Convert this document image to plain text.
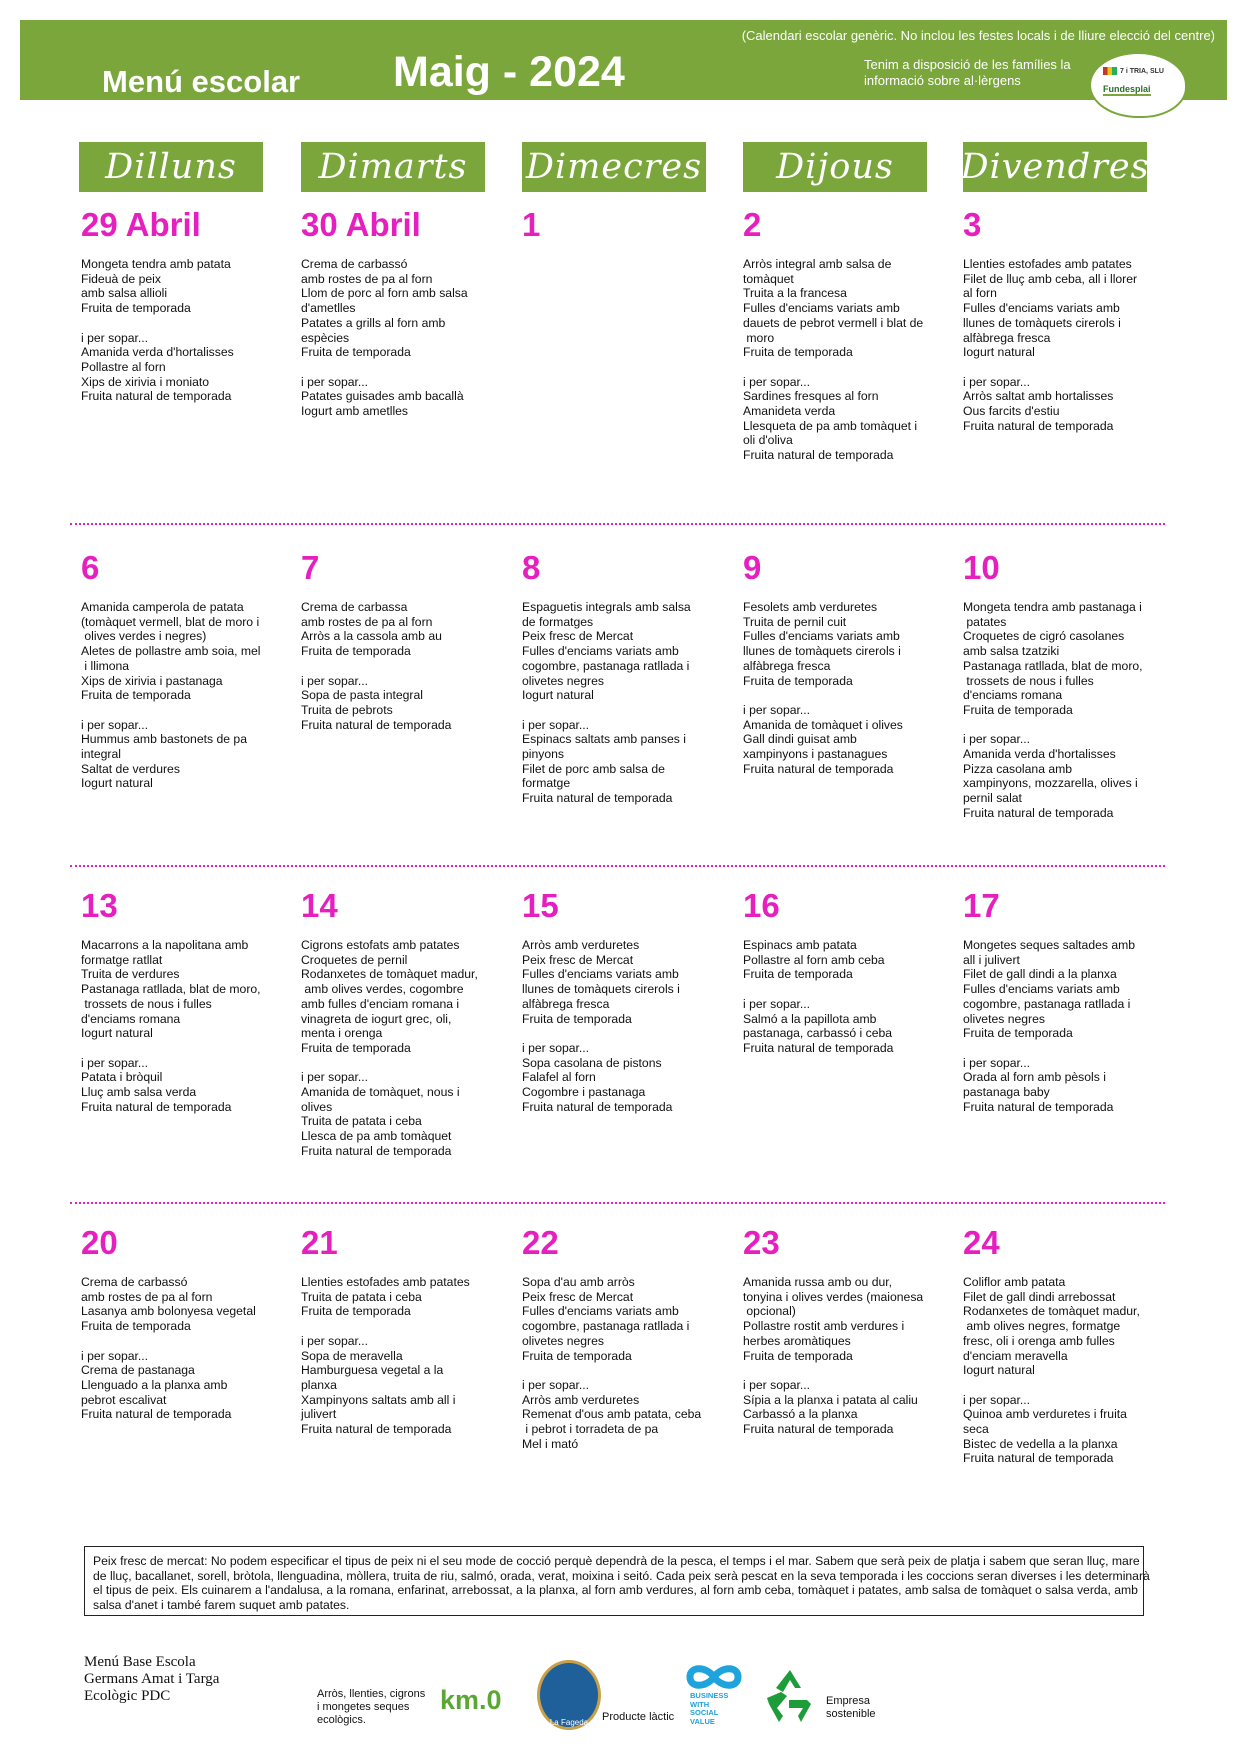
(Calendari escolar genèric. No inclou les festes locals i de lliure elecció del centre)
Menú escolar Maig - 2024	Tenim a disposició de les famílies la
informació sobre al·lèrgens
7 i TRIA, SLU
Fundesplai
Dilluns	Dimarts	Dimecres	Dijous	Divendres
29 Abril
Mongeta tendra amb patata
Fideuà de peix
amb salsa allioli
Fruita de temporada
i per sopar...
Amanida verda d'hortalisses
Pollastre al forn
Xips de xirivia i moniato
Fruita natural de temporada
30 Abril
Crema de carbassó
amb rostes de pa al forn
Llom de porc al forn amb salsa
d'ametlles
Patates a grills al forn amb
espècies
Fruita de temporada
i per sopar...
Patates guisades amb bacallà
Iogurt amb ametlles
1	2
Arròs integral amb salsa de
tomàquet
Truita a la francesa
Fulles d'enciams variats amb
dauets de pebrot vermell i blat de
moro
Fruita de temporada
i per sopar...
Sardines fresques al forn
Amanideta verda
Llesqueta de pa amb tomàquet i
oli d'oliva
Fruita natural de temporada
3
Llenties estofades amb patates
Filet de lluç amb ceba, all i llorer
al forn
Fulles d'enciams variats amb
llunes de tomàquets cirerols i
alfàbrega fresca
Iogurt natural
i per sopar...
Arròs saltat amb hortalisses
Ous farcits d'estiu
Fruita natural de temporada
6
Amanida camperola de patata
(tomàquet vermell, blat de moro i
olives verdes i negres)
Aletes de pollastre amb soia, mel
i llimona
Xips de xirivia i pastanaga
Fruita de temporada
i per sopar...
Hummus amb bastonets de pa
integral
Saltat de verdures
Iogurt natural
7
Crema de carbassa
amb rostes de pa al forn
Arròs a la cassola amb au
Fruita de temporada
i per sopar...
Sopa de pasta integral
Truita de pebrots
Fruita natural de temporada
8
Espaguetis integrals amb salsa
de formatges
Peix fresc de Mercat
Fulles d'enciams variats amb
cogombre, pastanaga ratllada i
olivetes negres
Iogurt natural
i per sopar...
Espinacs saltats amb panses i
pinyons
Filet de porc amb salsa de
formatge
Fruita natural de temporada
9
Fesolets amb verduretes
Truita de pernil cuit
Fulles d'enciams variats amb
llunes de tomàquets cirerols i
alfàbrega fresca
Fruita de temporada
i per sopar...
Amanida de tomàquet i olives
Gall dindi guisat amb
xampinyons i pastanagues
Fruita natural de temporada
10
Mongeta tendra amb pastanaga i
patates
Croquetes de cigró casolanes
amb salsa tzatziki
Pastanaga ratllada, blat de moro,
trossets de nous i fulles
d'enciams romana
Fruita de temporada
i per sopar...
Amanida verda d'hortalisses
Pizza casolana amb
xampinyons, mozzarella, olives i
pernil salat
Fruita natural de temporada
13
Macarrons a la napolitana amb
formatge ratllat
Truita de verdures
Pastanaga ratllada, blat de moro,
trossets de nous i fulles
d'enciams romana
Iogurt natural
i per sopar...
Patata i bròquil
Lluç amb salsa verda
Fruita natural de temporada
14
Cigrons estofats amb patates
Croquetes de pernil
Rodanxetes de tomàquet madur,
amb olives verdes, cogombre
amb fulles d'enciam romana i
vinagreta de iogurt grec, oli,
menta i orenga
Fruita de temporada
i per sopar...
Amanida de tomàquet, nous i
olives
Truita de patata i ceba
Llesca de pa amb tomàquet
Fruita natural de temporada
15
Arròs amb verduretes
Peix fresc de Mercat
Fulles d'enciams variats amb
llunes de tomàquets cirerols i
alfàbrega fresca
Fruita de temporada
i per sopar...
Sopa casolana de pistons
Falafel al forn
Cogombre i pastanaga
Fruita natural de temporada
16
Espinacs amb patata
Pollastre al forn amb ceba
Fruita de temporada
i per sopar...
Salmó a la papillota amb
pastanaga, carbassó i ceba
Fruita natural de temporada
17
Mongetes seques saltades amb
all i julivert
Filet de gall dindi a la planxa
Fulles d'enciams variats amb
cogombre, pastanaga ratllada i
olivetes negres
Fruita de temporada
i per sopar...
Orada al forn amb pèsols i
pastanaga baby
Fruita natural de temporada
20
Crema de carbassó
amb rostes de pa al forn
Lasanya amb bolonyesa vegetal
Fruita de temporada
i per sopar...
Crema de pastanaga
Llenguado a la planxa amb
pebrot escalivat
Fruita natural de temporada
21
Llenties estofades amb patates
Truita de patata i ceba
Fruita de temporada
i per sopar...
Sopa de meravella
Hamburguesa vegetal a la
planxa
Xampinyons saltats amb all i
julivert
Fruita natural de temporada
22
Sopa d'au amb arròs
Peix fresc de Mercat
Fulles d'enciams variats amb
cogombre, pastanaga ratllada i
olivetes negres
Fruita de temporada
i per sopar...
Arròs amb verduretes
Remenat d'ous amb patata, ceba
i pebrot i torradeta de pa
Mel i mató
23
Amanida russa amb ou dur,
tonyina i olives verdes (maionesa
opcional)
Pollastre rostit amb verdures i
herbes aromàtiques
Fruita de temporada
i per sopar...
Sípia a la planxa i patata al caliu
Carbassó a la planxa
Fruita natural de temporada
24
Coliflor amb patata
Filet de gall dindi arrebossat
Rodanxetes de tomàquet madur,
amb olives negres, formatge
fresc, oli i orenga amb fulles
d'enciam meravella
Iogurt natural
i per sopar...
Quinoa amb verduretes i fruita
seca
Bistec de vedella a la planxa
Fruita natural de temporada
Peix fresc de mercat: No podem especificar el tipus de peix ni el seu mode de cocció perquè dependrà de la pesca, el temps i el mar. Sabem que serà peix de platja i sabem que seran lluç, mare
de lluç, bacallanet, sorell, bròtola, llenguadina, mòllera, truita de riu, salmó, orada, verat, moixina i seitó. Cada peix serà pescat en la seva temporada i les coccions seran diverses i les determinarà
el tipus de peix. Els cuinarem a l'andalusa, a la romana, enfarinat, arrebossat, a la planxa, al forn amb verdures, al forn amb ceba, tomàquet i patates, amb salsa de tomàquet o salsa verda, amb
salsa d'anet i també farem suquet amb patates.
Menú Base Escola
Germans Amat i Targa
Ecològic PDC	Arròs, llenties, cigrons
i mongetes seques
ecològics.
km.0
La Fageda Producte làctic
BUSINESS
WITH
SOCIAL
VALUE
Empresa
sostenible
